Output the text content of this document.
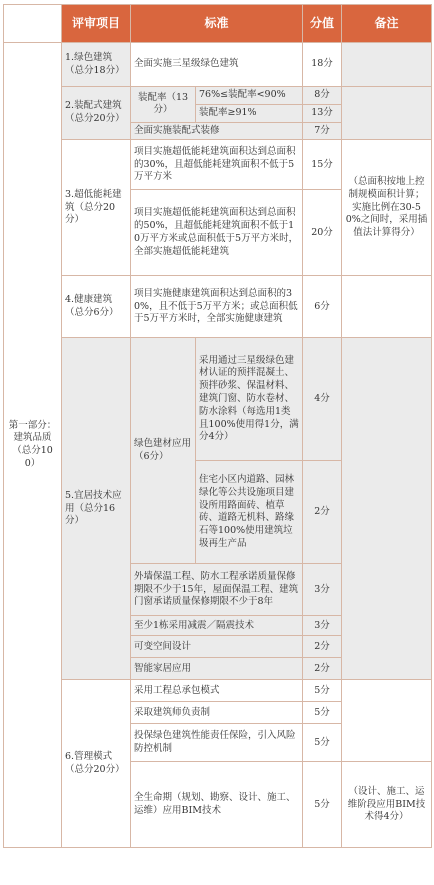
	评审项目	标准		分值	备注
第一部分：建筑品质（总分100）	1.绿色建筑（总分18分）	全面实施三星级绿色建筑		18分	
	2.装配式建筑（总分20分）	装配率（13分）	76%≤装配率<90%	8分	
			装配率≥91%	13分	
		全面实施装配式装修		7分	
	3.超低能耗建筑（总分20分）	项目实施超低能耗建筑面积达到总面积的30%，且超低能耗建筑面积不低于5万平方米		15分	（总面积按地上控制规模面积计算；实施比例在30-50%之间时，采用插值法计算得分）
		项目实施超低能耗建筑面积达到总面积的50%，且超低能耗建筑面积不低于10万平方米或总面积低于5万平方米时，全部实施超低能耗建筑		20分	
	4.健康建筑（总分6分）	项目实施健康建筑面积达到总面积的30%，且不低于5万平方米；或总面积低于5万平方米时，全部实施健康建筑		6分	
	5.宜居技术应用（总分16分）	绿色建材应用（6分）	采用通过三星级绿色建材认证的预拌混凝土、预拌砂浆、保温材料、建筑门窗、防水卷材、防水涂料（每选用1类且100%使用得1分，满分4分）	4分	
			住宅小区内道路、园林绿化等公共设施项目建设所用路面砖、植草砖、道路无机料、路缘石等100%使用建筑垃圾再生产品	2分	
		外墙保温工程、防水工程承诺质量保修期限不少于15年，屋面保温工程、建筑门窗承诺质量保修期限不少于8年		3分	
		至少1栋采用减震／隔震技术		3分	
		可变空间设计		2分	
		智能家居应用		2分	
	6.管理模式（总分20分）	采用工程总承包模式		5分	
		采取建筑师负责制		5分	
		投保绿色建筑性能责任保险，引入风险防控机制		5分	
		全生命期（规划、勘察、设计、施工、运维）应用BIM技术		5分	（设计、施工、运维阶段应用BIM技术得4分）
